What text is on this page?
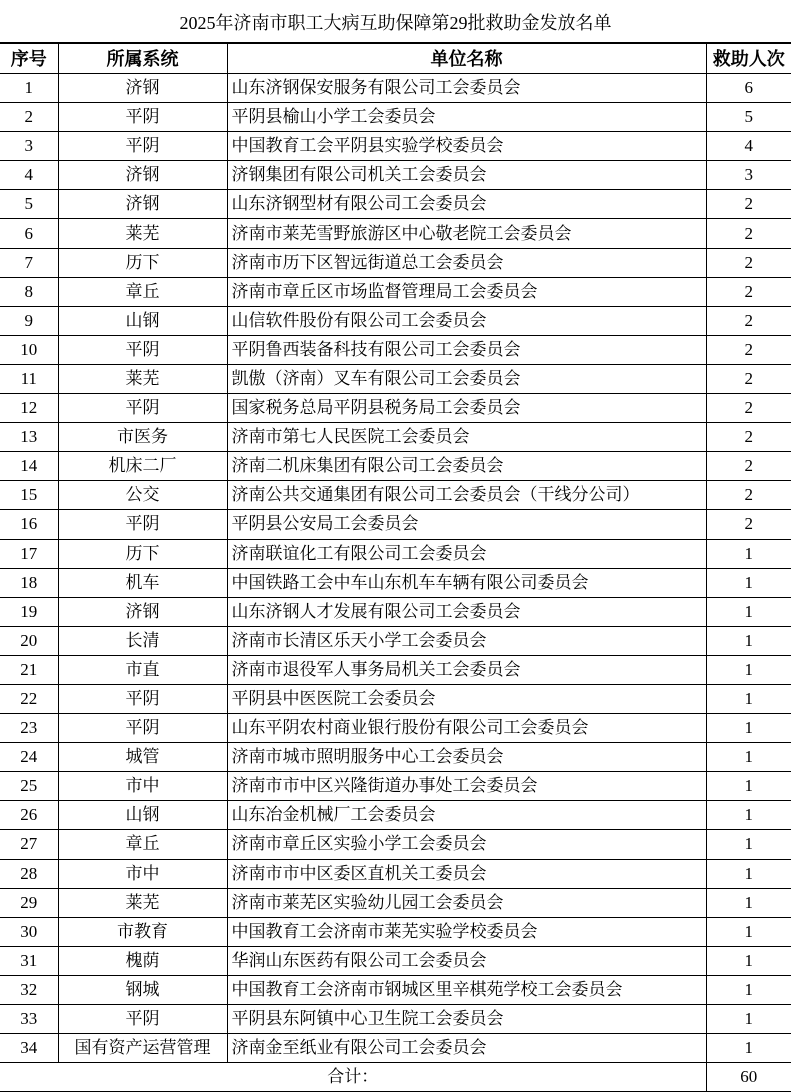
2025年济南市职工大病互助保障第29批救助金发放名单
序号	所属系统	单位名称	救助人次
1	济钢	山东济钢保安服务有限公司工会委员会	6
2	平阴	平阴县榆山小学工会委员会	5
3	平阴	中国教育工会平阴县实验学校委员会	4
4	济钢	济钢集团有限公司机关工会委员会	3
5	济钢	山东济钢型材有限公司工会委员会	2
6	莱芜	济南市莱芜雪野旅游区中心敬老院工会委员会	2
7	历下	济南市历下区智远街道总工会委员会	2
8	章丘	济南市章丘区市场监督管理局工会委员会	2
9	山钢	山信软件股份有限公司工会委员会	2
10	平阴	平阴鲁西装备科技有限公司工会委员会	2
11	莱芜	凯傲（济南）叉车有限公司工会委员会	2
12	平阴	国家税务总局平阴县税务局工会委员会	2
13	市医务	济南市第七人民医院工会委员会	2
14	机床二厂	济南二机床集团有限公司工会委员会	2
15	公交	济南公共交通集团有限公司工会委员会（干线分公司）	2
16	平阴	平阴县公安局工会委员会	2
17	历下	济南联谊化工有限公司工会委员会	1
18	机车	中国铁路工会中车山东机车车辆有限公司委员会	1
19	济钢	山东济钢人才发展有限公司工会委员会	1
20	长清	济南市长清区乐天小学工会委员会	1
21	市直	济南市退役军人事务局机关工会委员会	1
22	平阴	平阴县中医医院工会委员会	1
23	平阴	山东平阴农村商业银行股份有限公司工会委员会	1
24	城管	济南市城市照明服务中心工会委员会	1
25	市中	济南市市中区兴隆街道办事处工会委员会	1
26	山钢	山东冶金机械厂工会委员会	1
27	章丘	济南市章丘区实验小学工会委员会	1
28	市中	济南市市中区委区直机关工委员会	1
29	莱芜	济南市莱芜区实验幼儿园工会委员会	1
30	市教育	中国教育工会济南市莱芜实验学校委员会	1
31	槐荫	华润山东医药有限公司工会委员会	1
32	钢城	中国教育工会济南市钢城区里辛棋苑学校工会委员会	1
33	平阴	平阴县东阿镇中心卫生院工会委员会	1
34	国有资产运营管理	济南金至纸业有限公司工会委员会	1
合计：			60
